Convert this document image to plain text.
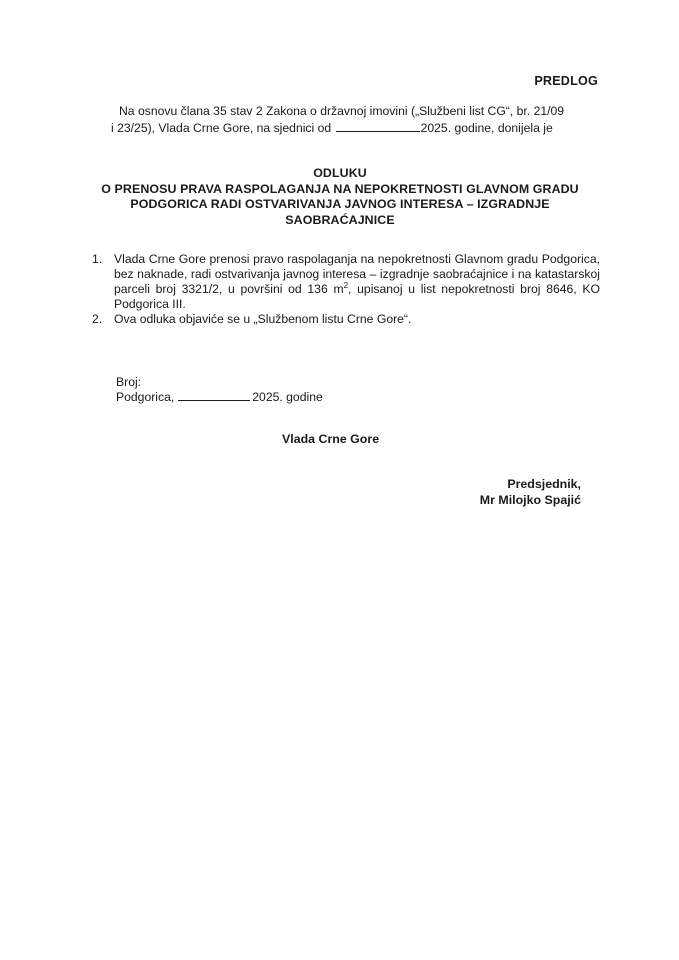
PREDLOG
Na osnovu člana 35 stav 2 Zakona o državnoj imovini („Službeni list CG“, br. 21/09
i 23/25), Vlada Crne Gore, na sjednici od	2025. godine, donijela je
ODLUKU
O PRENOSU PRAVA RASPOLAGANJA NA NEPOKRETNOSTI GLAVNOM GRADU
PODGORICA RADI OSTVARIVANJA JAVNOG INTERESA – IZGRADNJE
SAOBRAĆAJNICE
1. Vlada Crne Gore prenosi pravo raspolaganja na nepokretnosti Glavnom gradu Podgorica, bez naknade, radi ostvarivanja javnog interesa – izgradnje saobraćajnice i na katastarskoj parceli broj 3321/2, u površini od 136 $m^2$, upisanoj u list nepokretnosti broj 8646, KO Podgorica III.
2. Ova odluka objaviće se u „Službenom listu Crne Gore“.
Broj:
Podgorica,	2025. godine
Vlada Crne Gore
Predsjednik,
Mr Milojko Spajić
